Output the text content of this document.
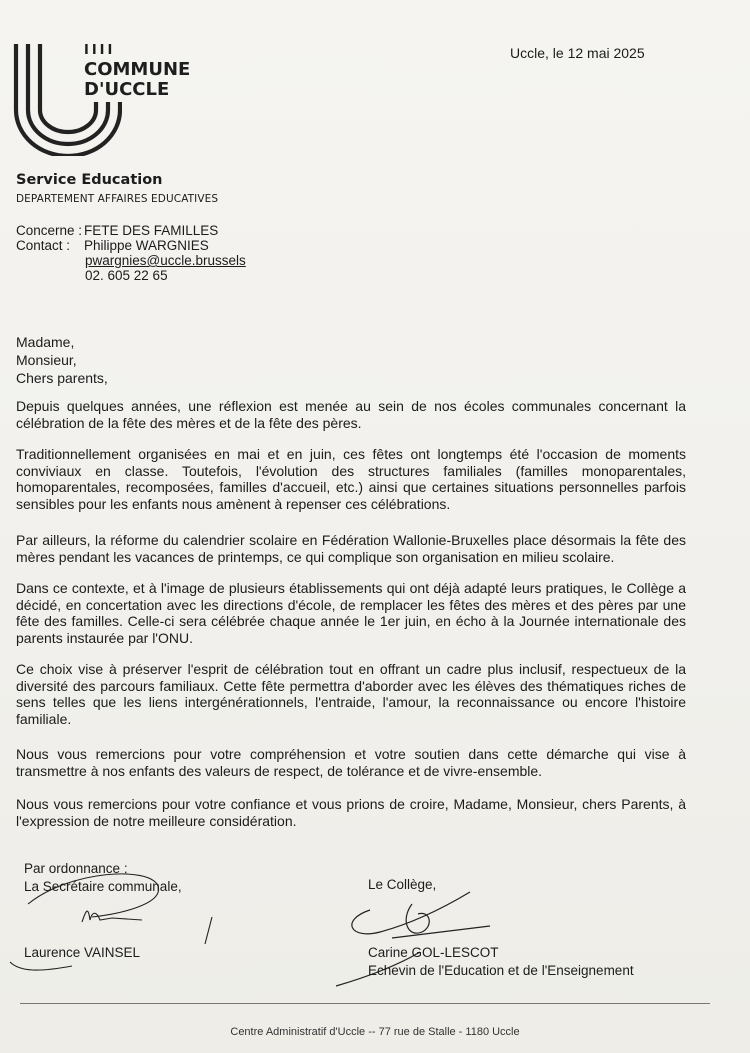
IIII
COMMUNE
D'UCCLE
Uccle, le 12 mai 2025
Service Education
DEPARTEMENT AFFAIRES EDUCATIVES
Concerne : FETE DES FAMILLES
Contact : Philippe WARGNIES
pwargnies@uccle.brussels
02. 605 22 65
Madame,
Monsieur,
Chers parents,
Depuis quelques années, une réflexion est menée au sein de nos écoles communales concernant la célébration de la fête des mères et de la fête des pères.
Traditionnellement organisées en mai et en juin, ces fêtes ont longtemps été l'occasion de moments conviviaux en classe. Toutefois, l'évolution des structures familiales (familles monoparentales, homoparentales, recomposées, familles d'accueil, etc.) ainsi que certaines situations personnelles parfois sensibles pour les enfants nous amènent à repenser ces célébrations.
Par ailleurs, la réforme du calendrier scolaire en Fédération Wallonie-Bruxelles place désormais la fête des mères pendant les vacances de printemps, ce qui complique son organisation en milieu scolaire.
Dans ce contexte, et à l'image de plusieurs établissements qui ont déjà adapté leurs pratiques, le Collège a décidé, en concertation avec les directions d'école, de remplacer les fêtes des mères et des pères par une fête des familles. Celle-ci sera célébrée chaque année le 1er juin, en écho à la Journée internationale des parents instaurée par l'ONU.
Ce choix vise à préserver l'esprit de célébration tout en offrant un cadre plus inclusif, respectueux de la diversité des parcours familiaux. Cette fête permettra d'aborder avec les élèves des thématiques riches de sens telles que les liens intergénérationnels, l'entraide, l'amour, la reconnaissance ou encore l'histoire familiale.
Nous vous remercions pour votre compréhension et votre soutien dans cette démarche qui vise à transmettre à nos enfants des valeurs de respect, de tolérance et de vivre-ensemble.
Nous vous remercions pour votre confiance et vous prions de croire, Madame, Monsieur, chers Parents, à l'expression de notre meilleure considération.
Par ordonnance :
La Secrétaire communale,
Laurence VAINSEL
Le Collège,
Carine GOL-LESCOT
Echevin de l'Education et de l'Enseignement
Centre Administratif d'Uccle -- 77 rue de Stalle - 1180 Uccle
